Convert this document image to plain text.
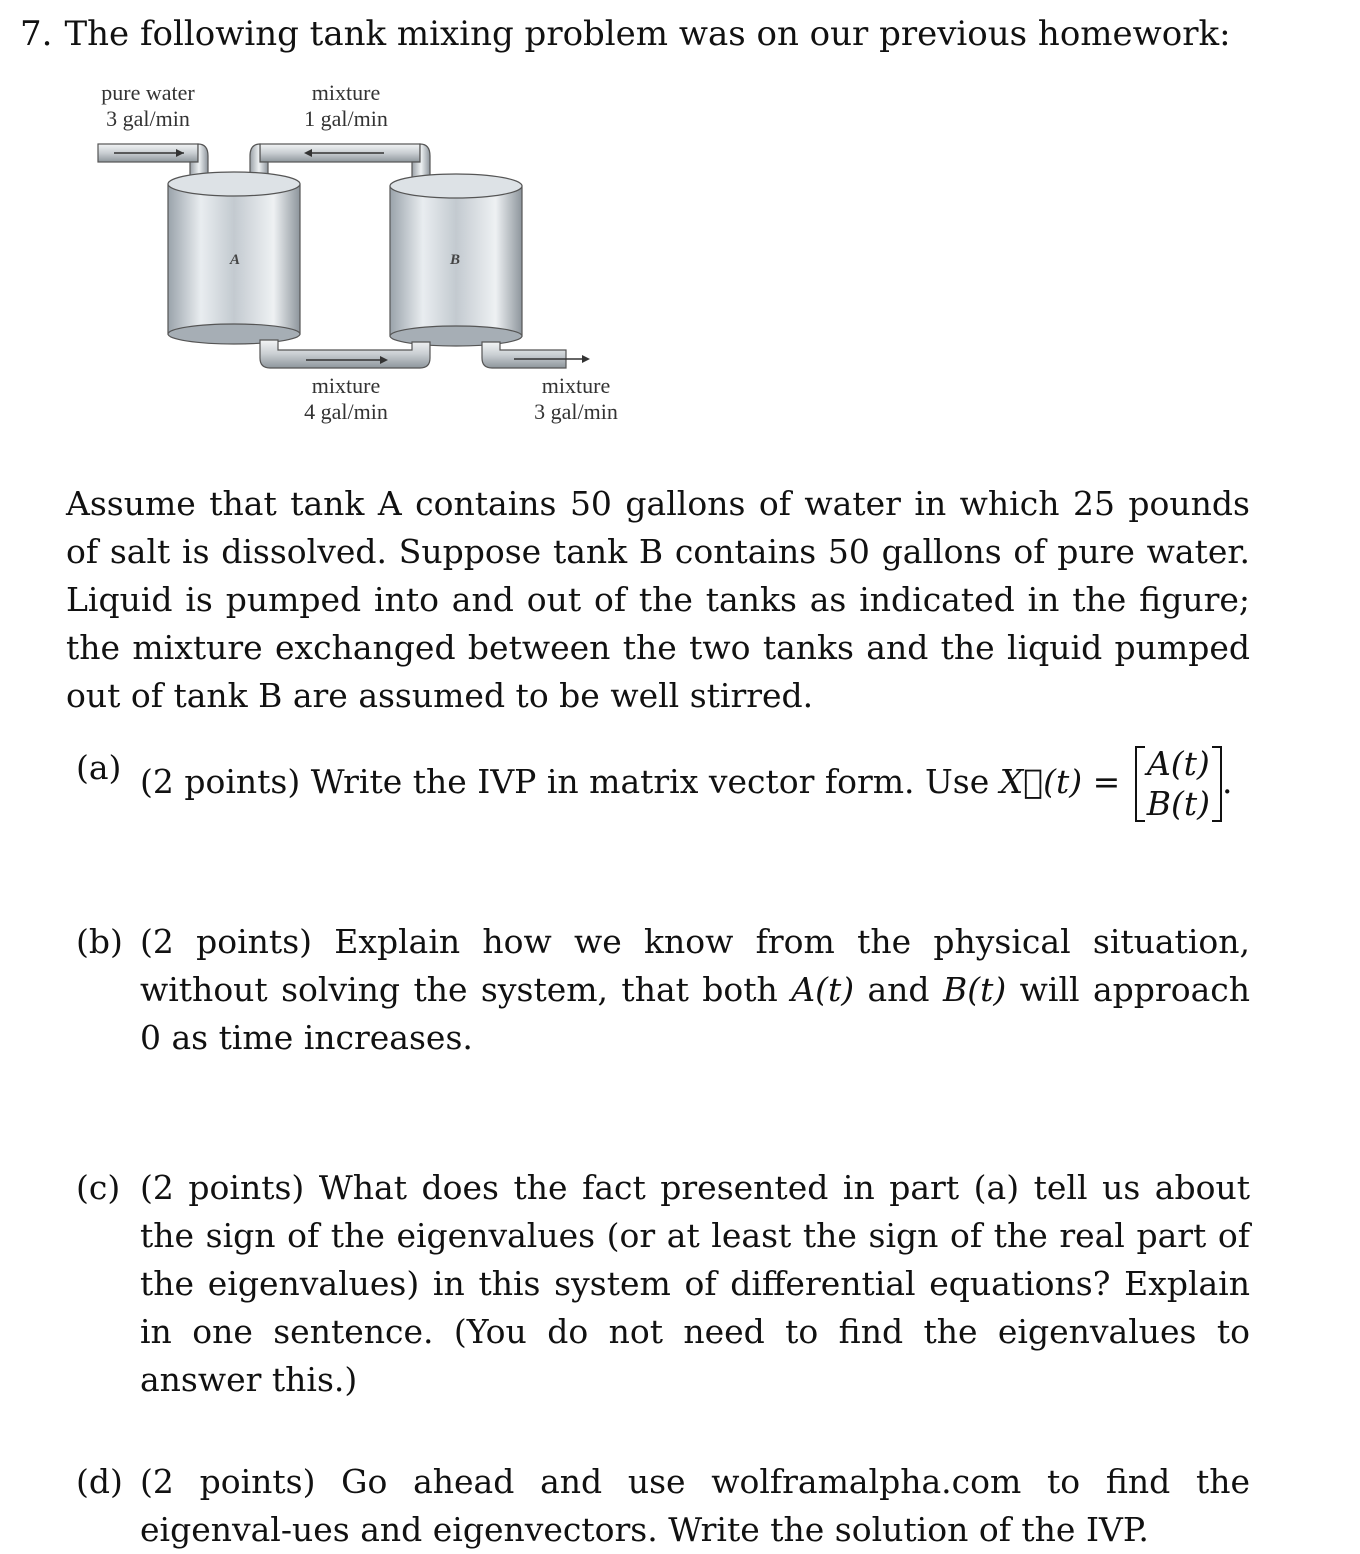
7. The following tank mixing problem was on our previous homework:
A	B
pure water
3 gal/min
mixture
1 gal/min
mixture
4 gal/min
mixture
3 gal/min
Assume that tank A contains 50 gallons of water in which 25 pounds of salt is dissolved. Suppose tank B contains 50 gallons of pure water. Liquid is pumped into and out of the tanks as indicated in the figure; the mixture exchanged between the two tanks and the liquid pumped out of tank B are assumed to be well stirred.
(a) (2 points) Write the IVP in matrix vector form. Use X⃗(t) = A(t)
B(t)
.
(b) (2 points) Explain how we know from the physical situation, without solving the system, that both A(t) and B(t) will approach 0 as time increases.
(c) (2 points) What does the fact presented in part (a) tell us about the sign of the eigenvalues (or at least the sign of the real part of the eigenvalues) in this system of differential equations? Explain in one sentence. (You do not need to find the eigenvalues to answer this.)
(d) (2 points) Go ahead and use wolframalpha.com to find the eigenval-ues and eigenvectors. Write the solution of the IVP.
